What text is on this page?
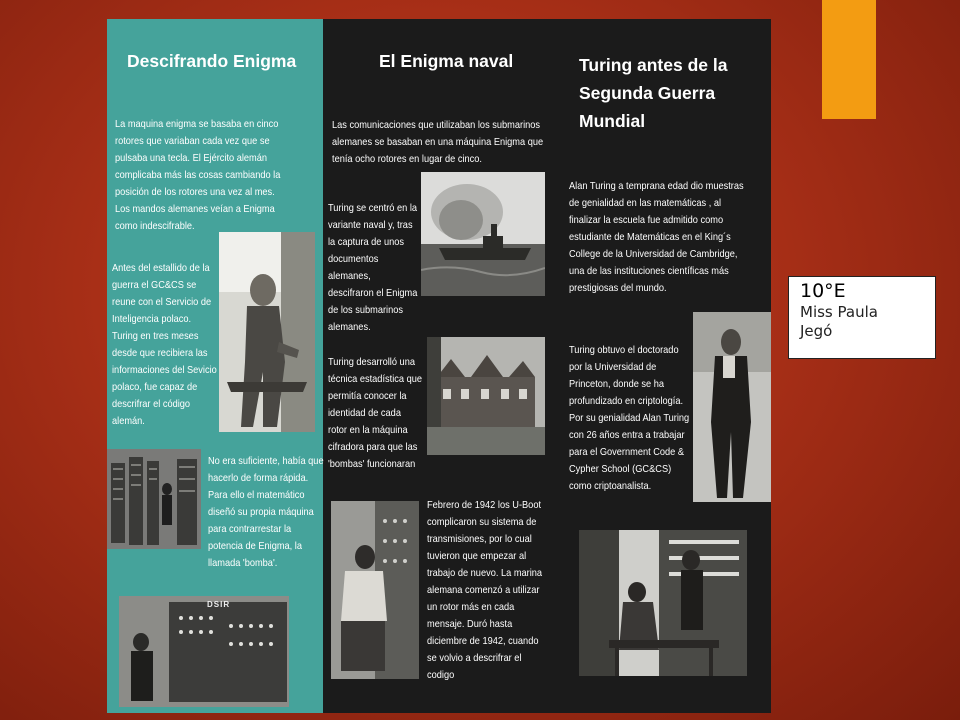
Descifrando Enigma	El Enigma naval	Turing antes de la
Segunda Guerra
Mundial
La maquina enigma se basaba en cinco rotores que variaban cada vez que se pulsaba una tecla. El Ejército alemán complicaba más las cosas cambiando la posición de los rotores una vez al mes. Los mandos alemanes veían a Enigma como indescifrable.
Antes del estallido de la guerra el GC&CS se reune con el Servicio de Inteligencia polaco. Turing en tres meses desde que recibiera las informaciones del Sevicio polaco, fue capaz de descrifrar el código alemán.
No era suficiente, había que hacerlo de forma rápida. Para ello el matemático diseñó su propia máquina para contrarrestar la potencia de Enigma, la llamada 'bomba'.
Las comunicaciones que utilizaban los submarinos alemanes se basaban en una máquina Enigma que tenía ocho rotores en lugar de cinco.
Turing se centró en la variante naval y, tras la captura de unos documentos alemanes, descifraron el Enigma de los submarinos alemanes.
Turing desarrolló una técnica estadística que permitía conocer la identidad de cada rotor en la máquina cifradora para que las 'bombas' funcionaran
Febrero de 1942 los U-Boot complicaron su sistema de transmisiones, por lo cual tuvieron que empezar al trabajo de nuevo. La marina alemana comenzó a utilizar un rotor más en cada mensaje. Duró hasta diciembre de 1942, cuando se volvio a descrifrar el codigo
Alan Turing a temprana edad dio muestras de genialidad en las matemáticas , al finalizar la escuela fue admitido como estudiante de Matemáticas en el King´s College de la Universidad de Cambridge, una de las instituciones científicas más prestigiosas del mundo.
Turing obtuvo el doctorado por la Universidad de Princeton, donde se ha profundizado en criptología. Por su genialidad Alan Turing con 26 años entra a trabajar para el Government Code & Cypher School (GC&CS) como criptoanalista.
DSIR
10°E
Miss Paula
Jegó
